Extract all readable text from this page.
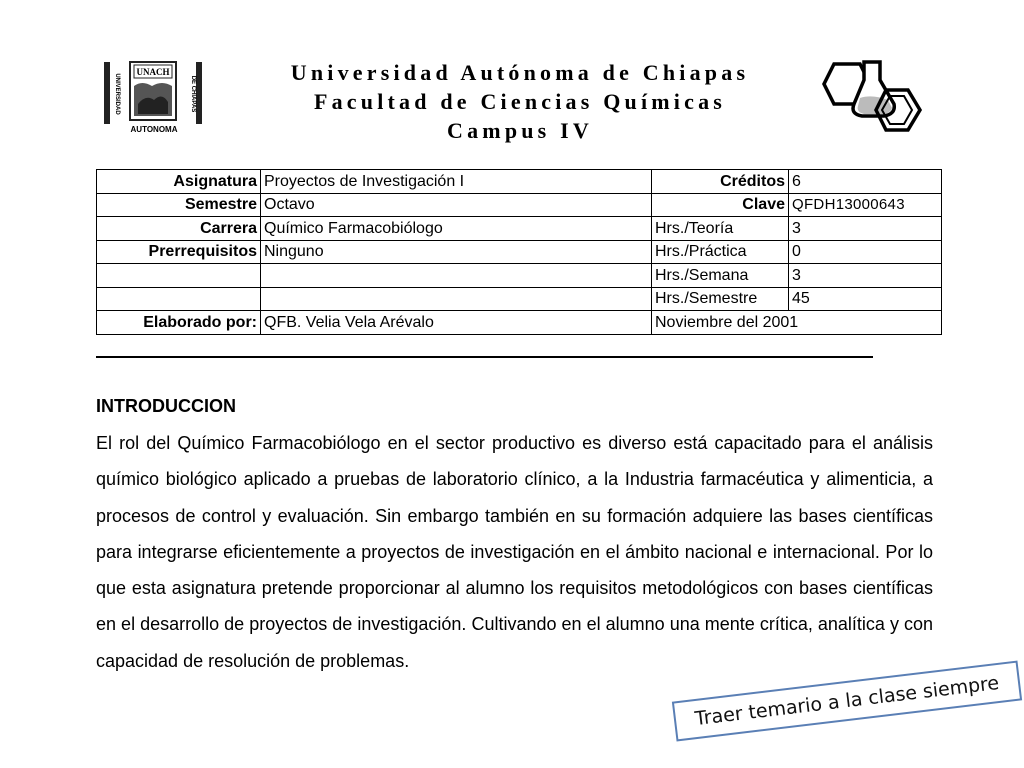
UNIVERSIDAD	DE CHIAPAS
UNACH
AUTONOMA
Universidad Autónoma de Chiapas
Facultad de Ciencias Químicas
Campus IV
Asignatura	Proyectos de Investigación I	Créditos	6
Semestre	Octavo	Clave	QFDH13000643
Carrera	Químico Farmacobiólogo	Hrs./Teoría	3
Prerrequisitos	Ninguno	Hrs./Práctica	0
		Hrs./Semana	3
		Hrs./Semestre	45
Elaborado por:	QFB. Velia Vela Arévalo	Noviembre del 2001	
INTRODUCCION
El rol del Químico Farmacobiólogo en el sector productivo es diverso está capacitado para el análisis químico biológico aplicado a pruebas de laboratorio clínico, a la Industria farmacéutica y alimenticia, a procesos de control y evaluación. Sin embargo también en su formación adquiere las bases científicas para integrarse eficientemente a proyectos de investigación en el ámbito nacional e internacional. Por lo que esta asignatura pretende proporcionar al alumno los requisitos metodológicos con bases científicas en el desarrollo de proyectos de investigación. Cultivando en el alumno una mente crítica, analítica y con capacidad de resolución de problemas.
Traer temario a la clase siempre
